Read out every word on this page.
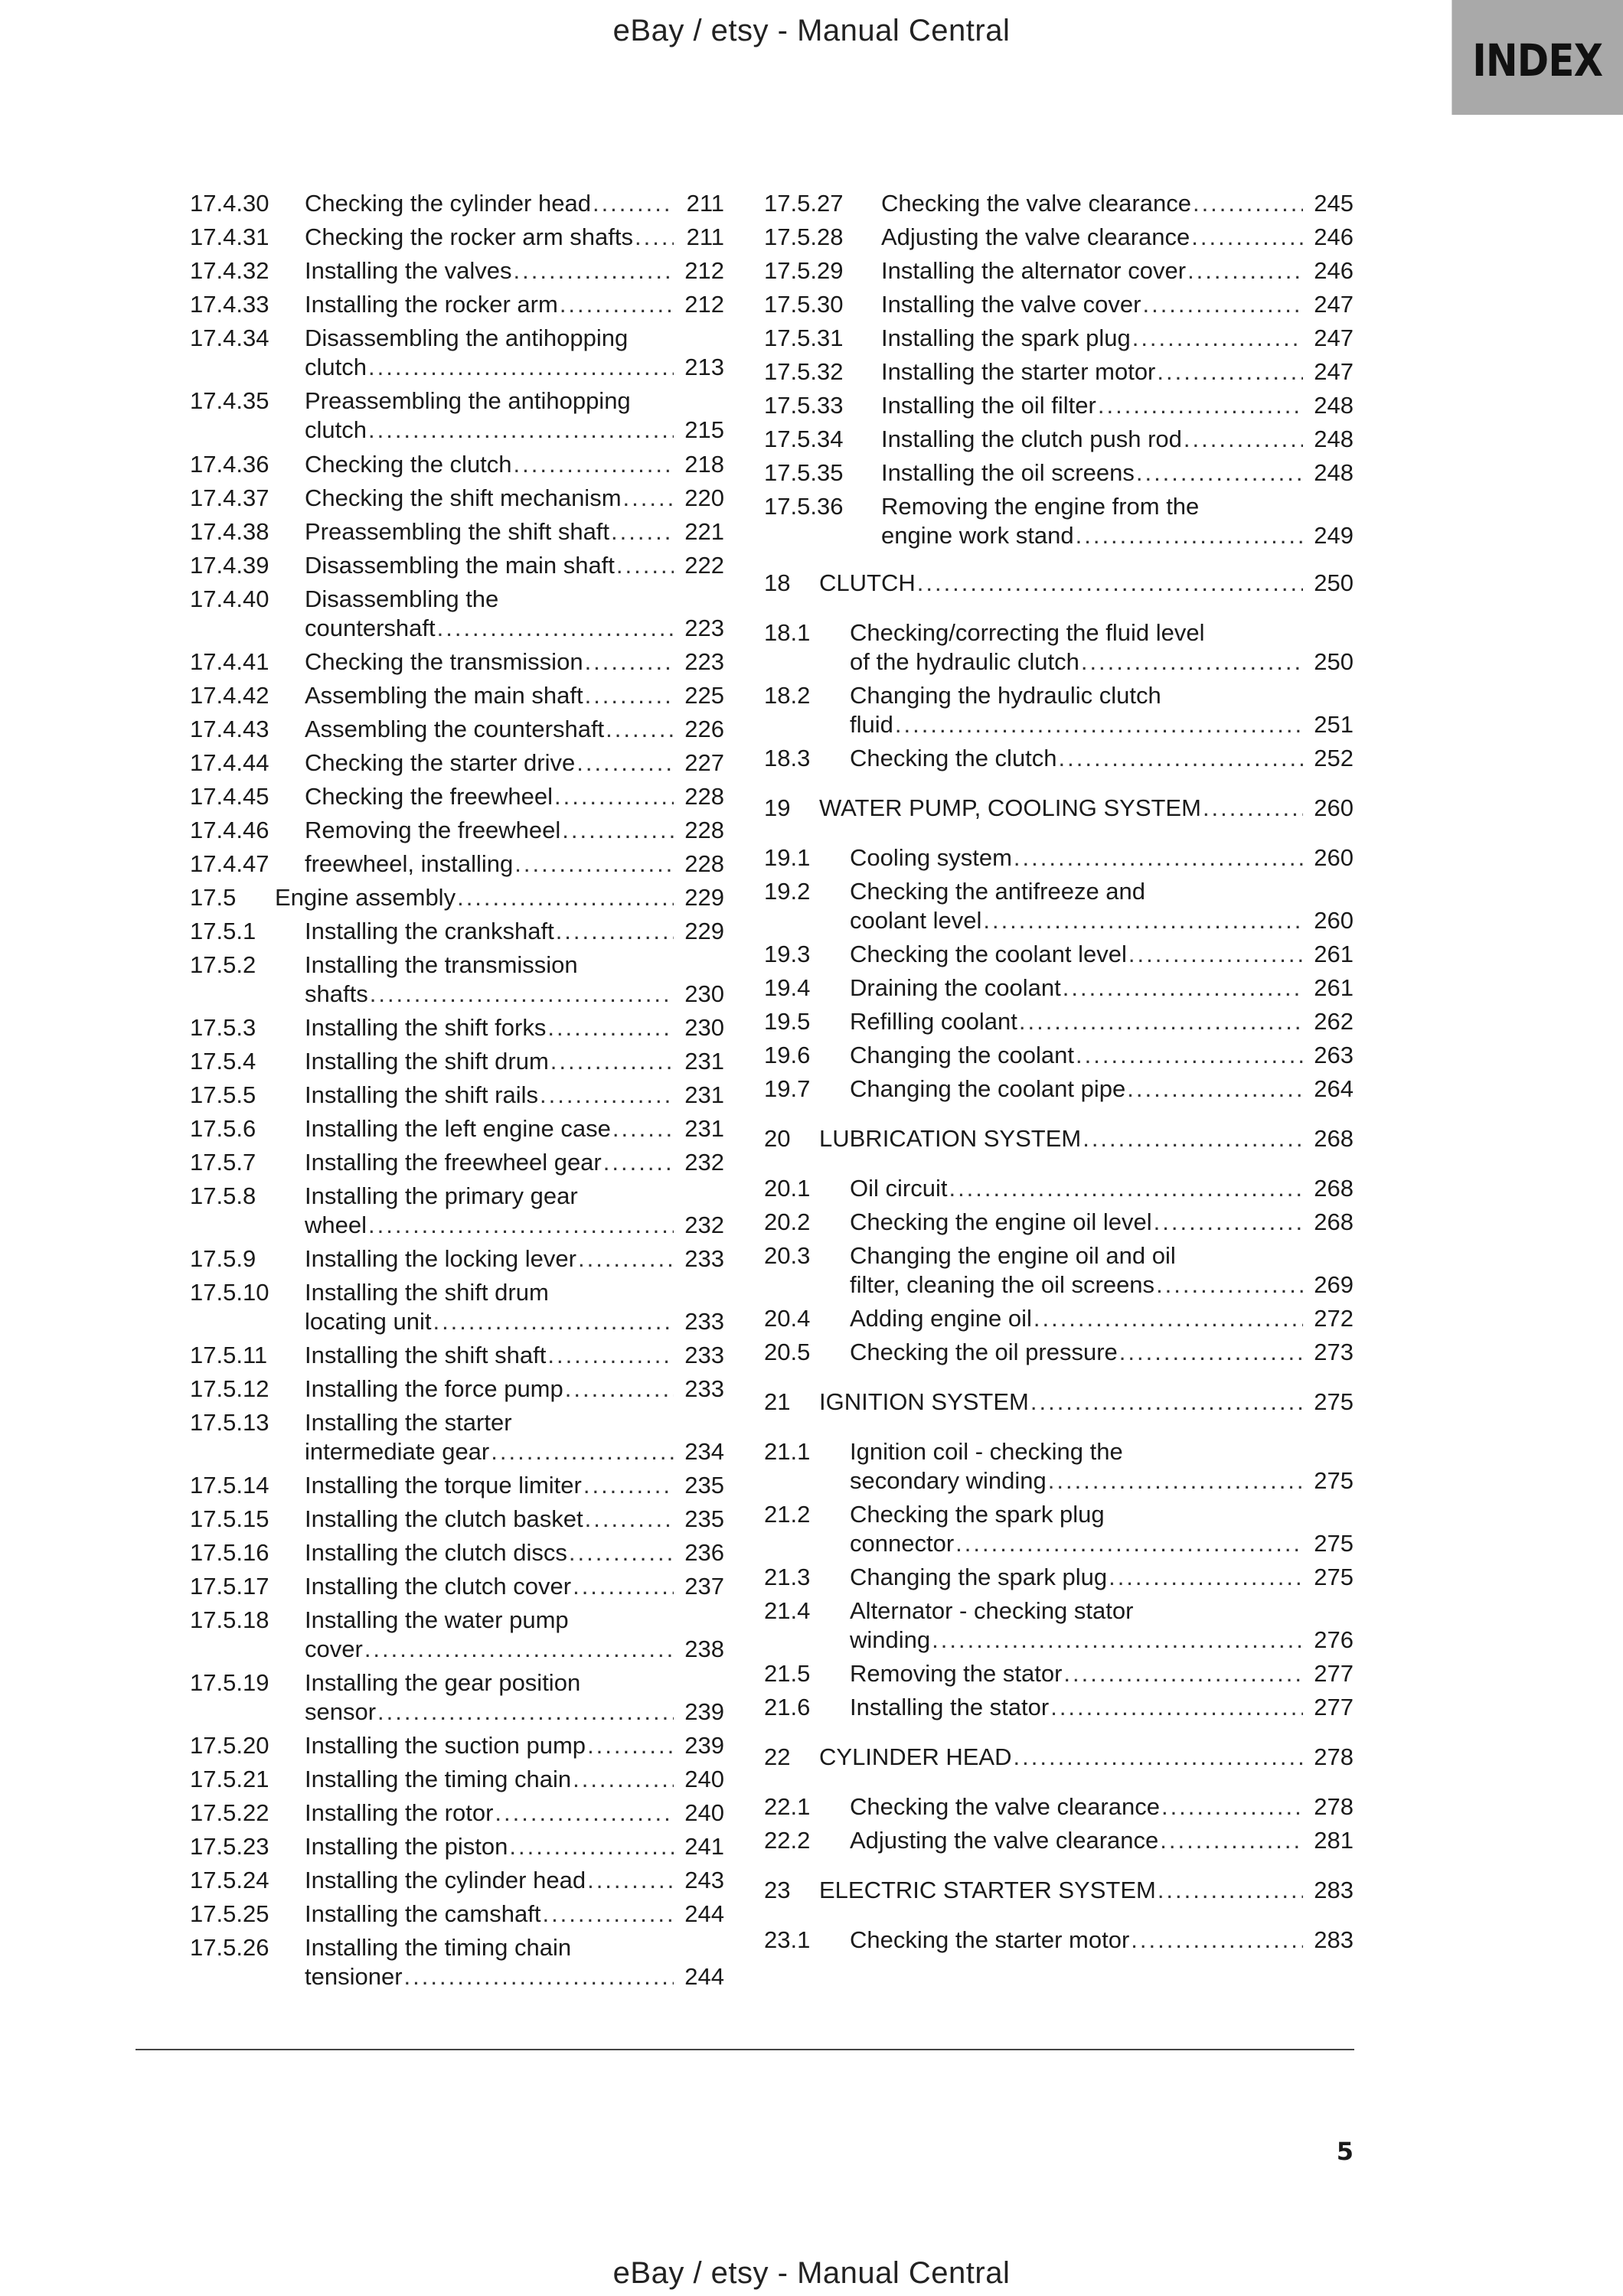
eBay / etsy - Manual Central
INDEX
17.4.30 Checking the cylinder head .....	211
17.4.31 Checking the rocker arm shafts .....	211
17.4.32 Installing the valves .....	212
17.4.33 Installing the rocker arm .....	212
17.4.34 Disassembling the antihopping
clutch .....	213
17.4.35 Preassembling the antihopping
clutch .....	215
17.4.36 Checking the clutch .....	218
17.4.37 Checking the shift mechanism .....	220
17.4.38 Preassembling the shift shaft .....	221
17.4.39 Disassembling the main shaft .....	222
17.4.40 Disassembling the
countershaft .....	223
17.4.41 Checking the transmission .....	223
17.4.42 Assembling the main shaft .....	225
17.4.43 Assembling the countershaft .....	226
17.4.44 Checking the starter drive .....	227
17.4.45 Checking the freewheel .....	228
17.4.46 Removing the freewheel .....	228
17.4.47 freewheel, installing .....	228
17.5 Engine assembly .....	229
17.5.1 Installing the crankshaft .....	229
17.5.2 Installing the transmission
shafts .....	230
17.5.3 Installing the shift forks .....	230
17.5.4 Installing the shift drum .....	231
17.5.5 Installing the shift rails .....	231
17.5.6 Installing the left engine case .....	231
17.5.7 Installing the freewheel gear .....	232
17.5.8 Installing the primary gear
wheel .....	232
17.5.9 Installing the locking lever .....	233
17.5.10 Installing the shift drum
locating unit .....	233
17.5.11 Installing the shift shaft .....	233
17.5.12 Installing the force pump .....	233
17.5.13 Installing the starter
intermediate gear .....	234
17.5.14 Installing the torque limiter .....	235
17.5.15 Installing the clutch basket .....	235
17.5.16 Installing the clutch discs .....	236
17.5.17 Installing the clutch cover .....	237
17.5.18 Installing the water pump
cover .....	238
17.5.19 Installing the gear position
sensor .....	239
17.5.20 Installing the suction pump .....	239
17.5.21 Installing the timing chain .....	240
17.5.22 Installing the rotor .....	240
17.5.23 Installing the piston .....	241
17.5.24 Installing the cylinder head .....	243
17.5.25 Installing the camshaft .....	244
17.5.26 Installing the timing chain
tensioner .....	244
17.5.27 Checking the valve clearance .....	245
17.5.28 Adjusting the valve clearance .....	246
17.5.29 Installing the alternator cover .....	246
17.5.30 Installing the valve cover .....	247
17.5.31 Installing the spark plug .....	247
17.5.32 Installing the starter motor .....	247
17.5.33 Installing the oil filter .....	248
17.5.34 Installing the clutch push rod .....	248
17.5.35 Installing the oil screens .....	248
17.5.36 Removing the engine from the
engine work stand .....	249
18 CLUTCH .....	250
18.1 Checking/correcting the fluid level
of the hydraulic clutch .....	250
18.2 Changing the hydraulic clutch
fluid .....	251
18.3 Checking the clutch .....	252
19 WATER PUMP, COOLING SYSTEM .....	260
19.1 Cooling system .....	260
19.2 Checking the antifreeze and
coolant level .....	260
19.3 Checking the coolant level .....	261
19.4 Draining the coolant .....	261
19.5 Refilling coolant .....	262
19.6 Changing the coolant .....	263
19.7 Changing the coolant pipe .....	264
20 LUBRICATION SYSTEM .....	268
20.1 Oil circuit .....	268
20.2 Checking the engine oil level .....	268
20.3 Changing the engine oil and oil
filter, cleaning the oil screens .....	269
20.4 Adding engine oil .....	272
20.5 Checking the oil pressure .....	273
21 IGNITION SYSTEM .....	275
21.1 Ignition coil - checking the
secondary winding .....	275
21.2 Checking the spark plug
connector .....	275
21.3 Changing the spark plug .....	275
21.4 Alternator - checking stator
winding .....	276
21.5 Removing the stator .....	277
21.6 Installing the stator .....	277
22 CYLINDER HEAD .....	278
22.1 Checking the valve clearance .....	278
22.2 Adjusting the valve clearance .....	281
23 ELECTRIC STARTER SYSTEM .....	283
23.1 Checking the starter motor .....	283
5
eBay / etsy - Manual Central
